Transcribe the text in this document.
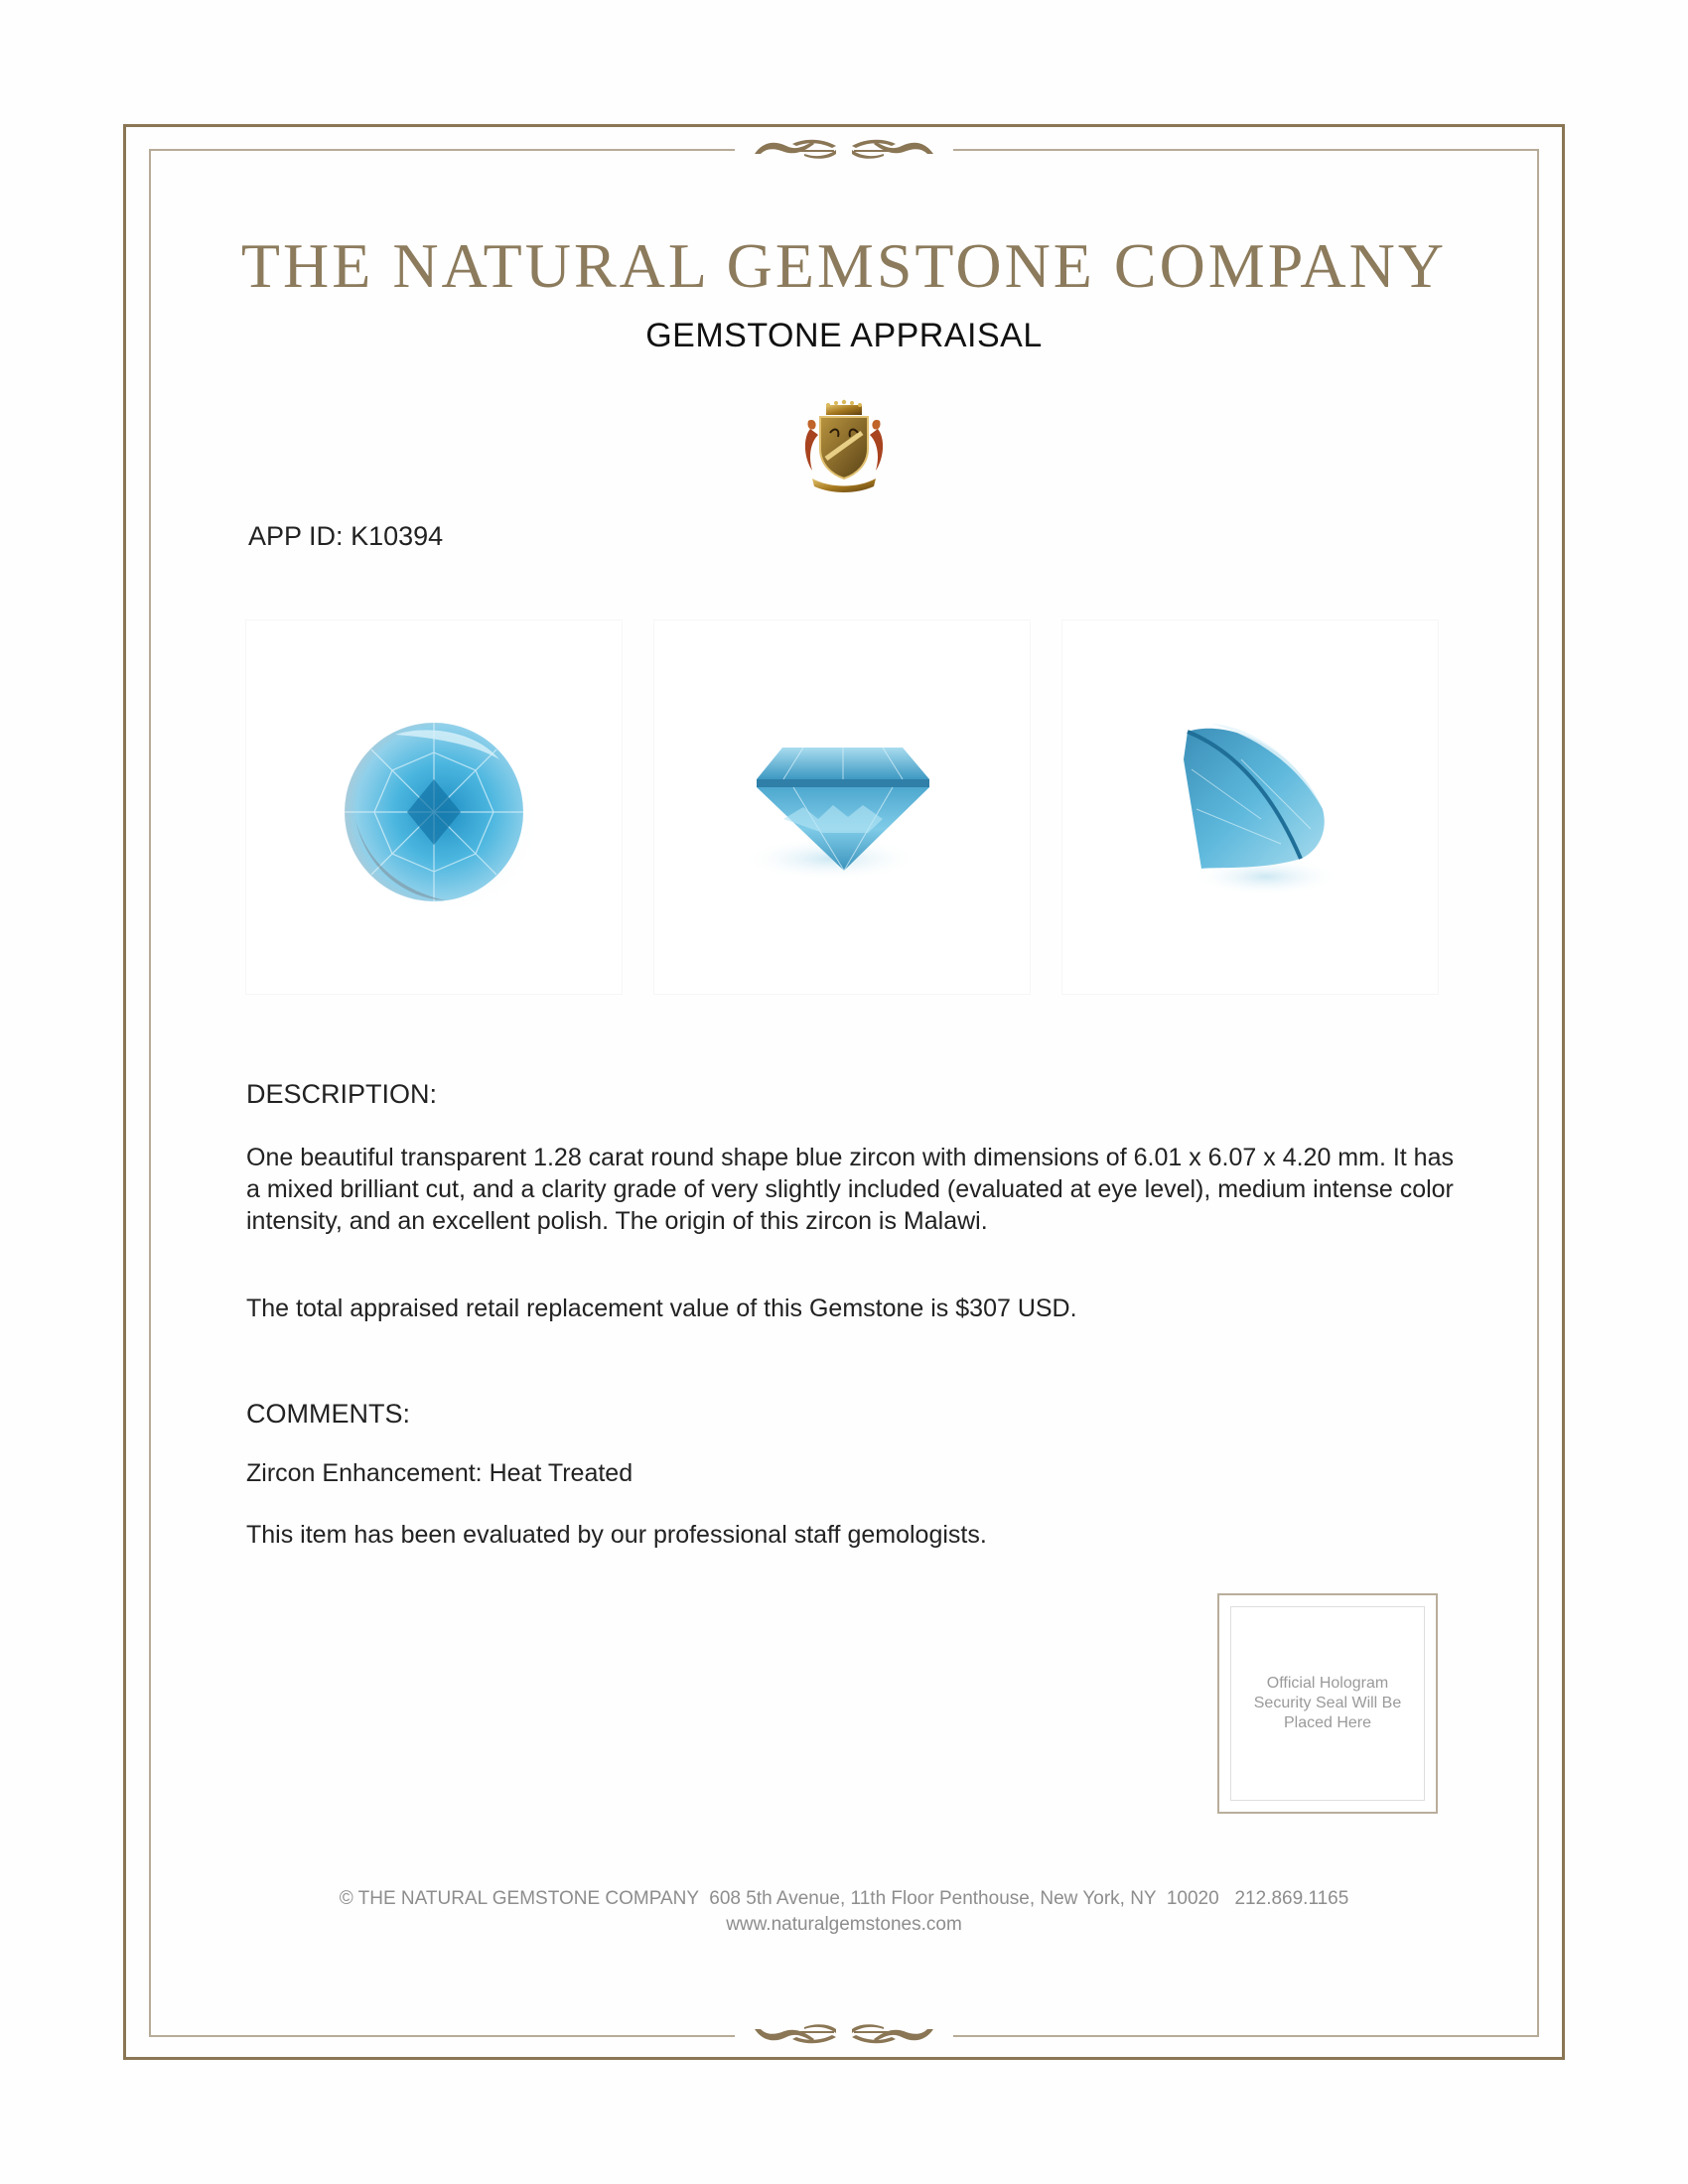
THE NATURAL GEMSTONE COMPANY
GEMSTONE APPRAISAL
APP ID: K10394
DESCRIPTION:
One beautiful transparent 1.28 carat round shape blue zircon with dimensions of 6.01 x 6.07 x 4.20 mm. It has a mixed brilliant cut, and a clarity grade of very slightly included (evaluated at eye level), medium intense color intensity, and an excellent polish. The origin of this zircon is Malawi.
The total appraised retail replacement value of this Gemstone is $307 USD.
COMMENTS:
Zircon Enhancement: Heat Treated
This item has been evaluated by our professional staff gemologists.
Official Hologram Security Seal Will Be Placed Here
© THE NATURAL GEMSTONE COMPANY  608 5th Avenue, 11th Floor Penthouse, New York, NY  10020   212.869.1165
www.naturalgemstones.com
